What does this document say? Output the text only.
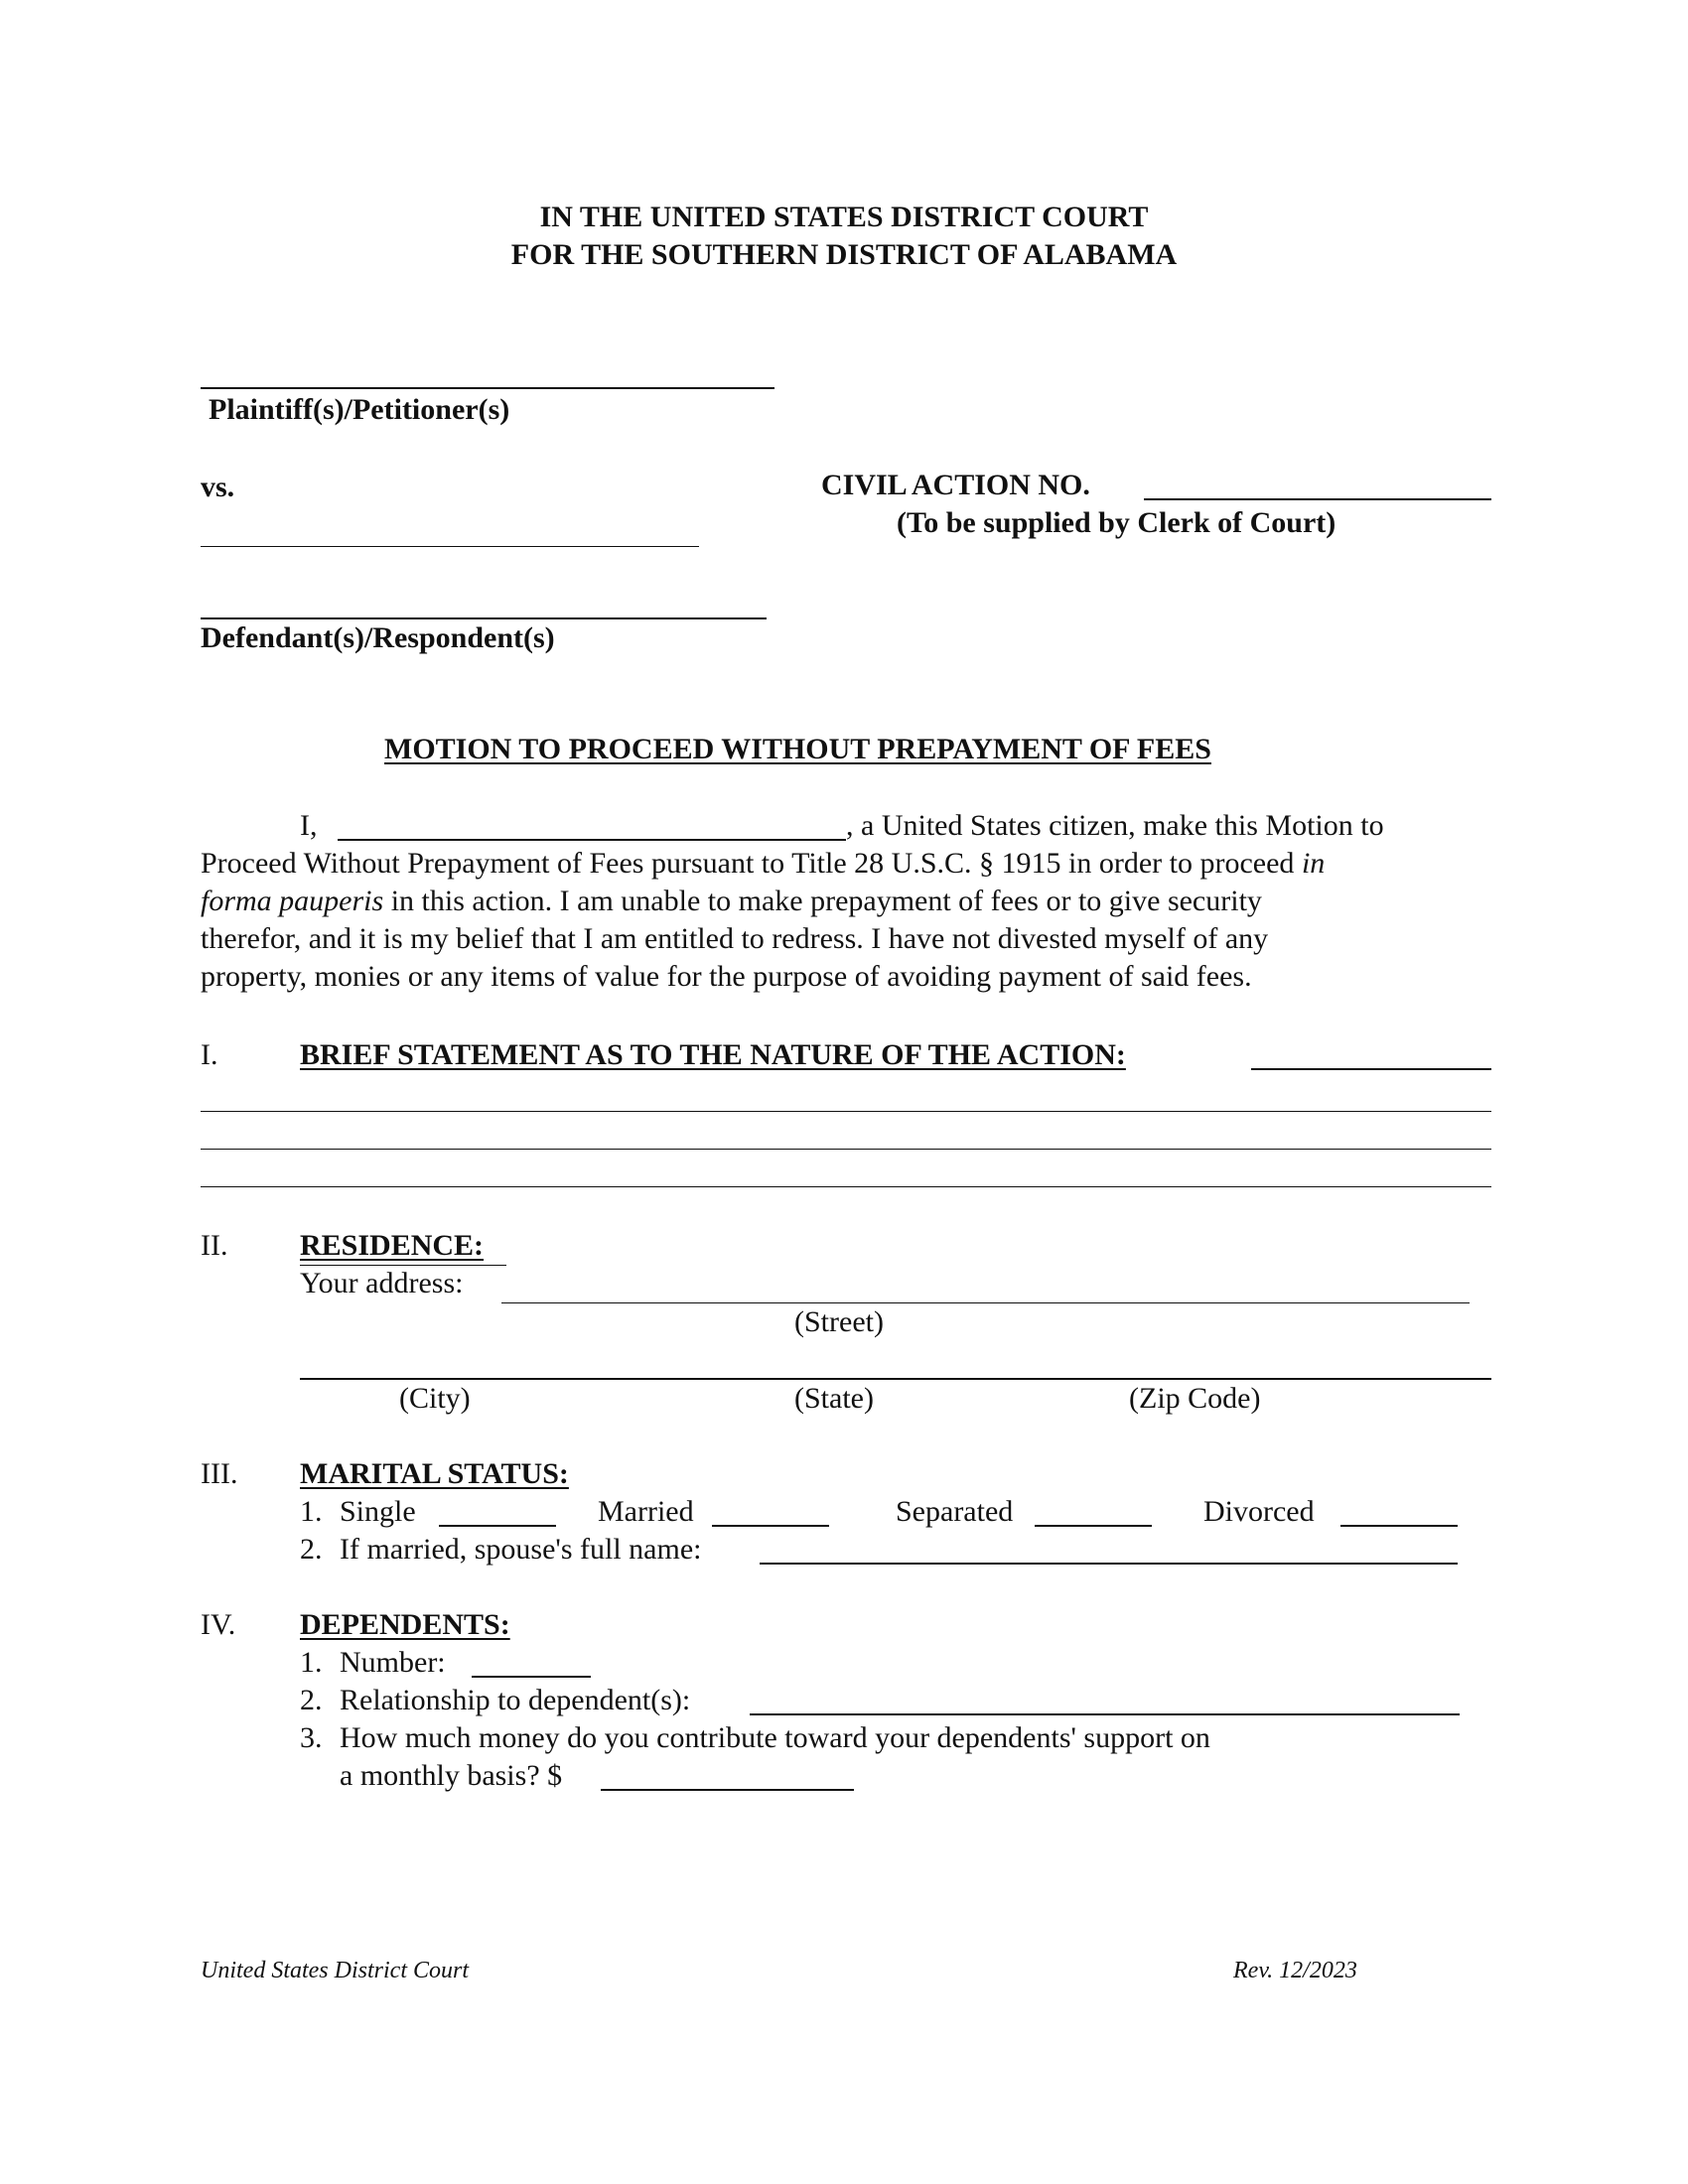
IN THE UNITED STATES DISTRICT COURT
FOR THE SOUTHERN DISTRICT OF ALABAMA
Plaintiff(s)/Petitioner(s)
vs.	CIVIL ACTION NO.
(To be supplied by Clerk of Court)
Defendant(s)/Respondent(s)
MOTION TO PROCEED WITHOUT PREPAYMENT OF FEES
I,	, a United States citizen, make this Motion to
Proceed Without Prepayment of Fees pursuant to Title 28 U.S.C. § 1915 in order to proceed in
forma pauperis in this action. I am unable to make prepayment of fees or to give security
therefor, and it is my belief that I am entitled to redress. I have not divested myself of any
property, monies or any items of value for the purpose of avoiding payment of said fees.
I.	BRIEF STATEMENT AS TO THE NATURE OF THE ACTION:
II. RESIDENCE:
Your address:
(Street)
(City)	(State)	(Zip Code)
III. MARITAL STATUS:
1. Single	Married	Separated	Divorced
2. If married, spouse's full name:
IV. DEPENDENTS:
1. Number:
2. Relationship to dependent(s):
3. How much money do you contribute toward your dependents' support on
a monthly basis? $
United States District Court	Rev. 12/2023
